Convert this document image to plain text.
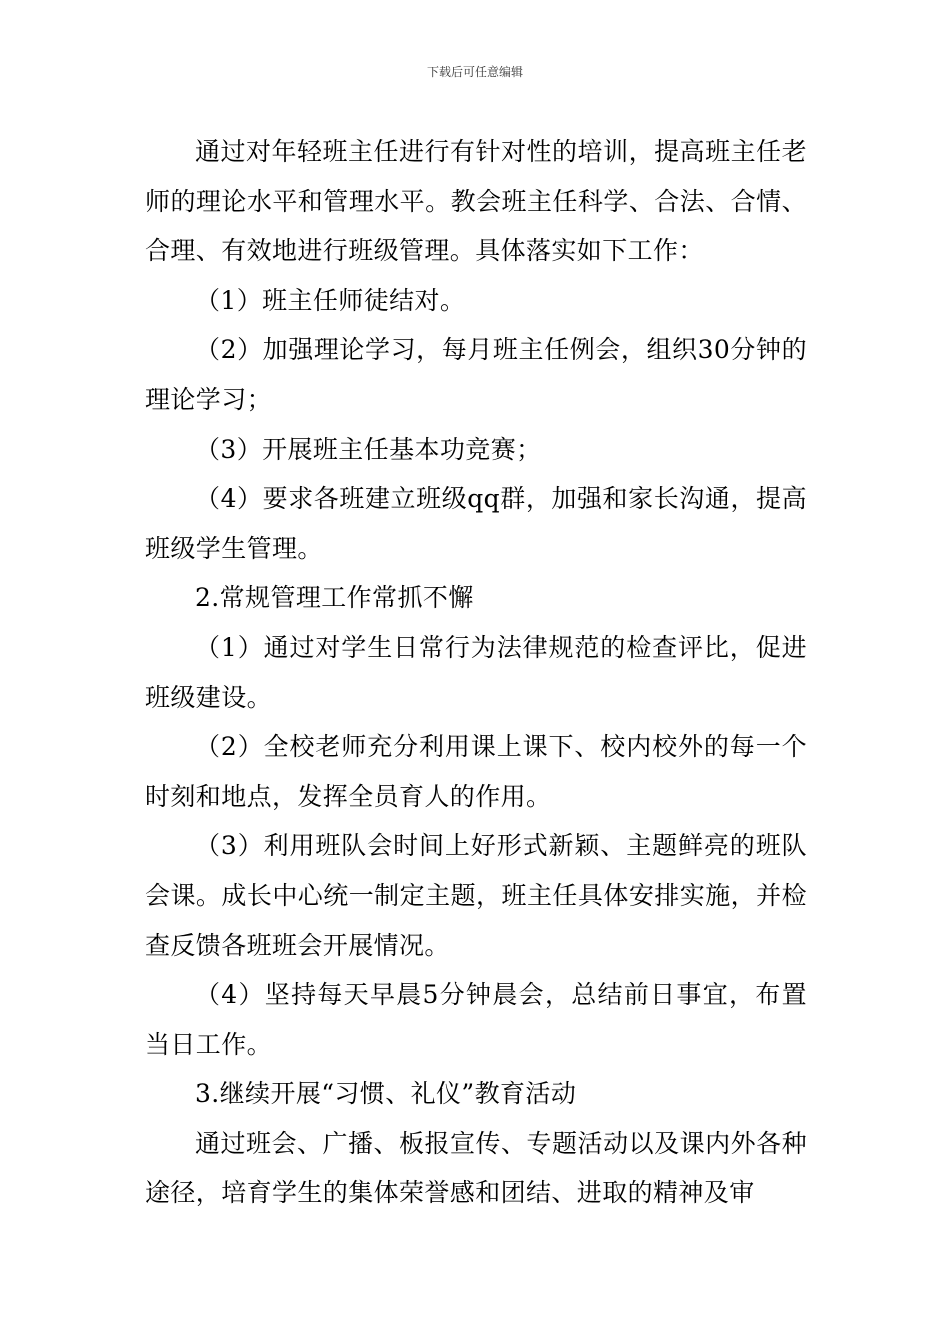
下载后可任意编辑

通过对年轻班主任进行有针对性的培训，提高班主任老师的理论水平和管理水平。教会班主任科学、合法、合情、合理、有效地进行班级管理。具体落实如下工作：

（1）班主任师徒结对。

（2）加强理论学习，每月班主任例会，组织30分钟的理论学习；

（3）开展班主任基本功竞赛；

（4）要求各班建立班级qq群，加强和家长沟通，提高班级学生管理。

2.常规管理工作常抓不懈

（1）通过对学生日常行为法律规范的检查评比，促进班级建设。

（2）全校老师充分利用课上课下、校内校外的每一个时刻和地点，发挥全员育人的作用。

（3）利用班队会时间上好形式新颖、主题鲜亮的班队会课。成长中心统一制定主题，班主任具体安排实施，并检查反馈各班班会开展情况。

（4）坚持每天早晨5分钟晨会，总结前日事宜，布置当日工作。

3.继续开展“习惯、礼仪”教育活动

通过班会、广播、板报宣传、专题活动以及课内外各种途径，培育学生的集体荣誉感和团结、进取的精神及审
